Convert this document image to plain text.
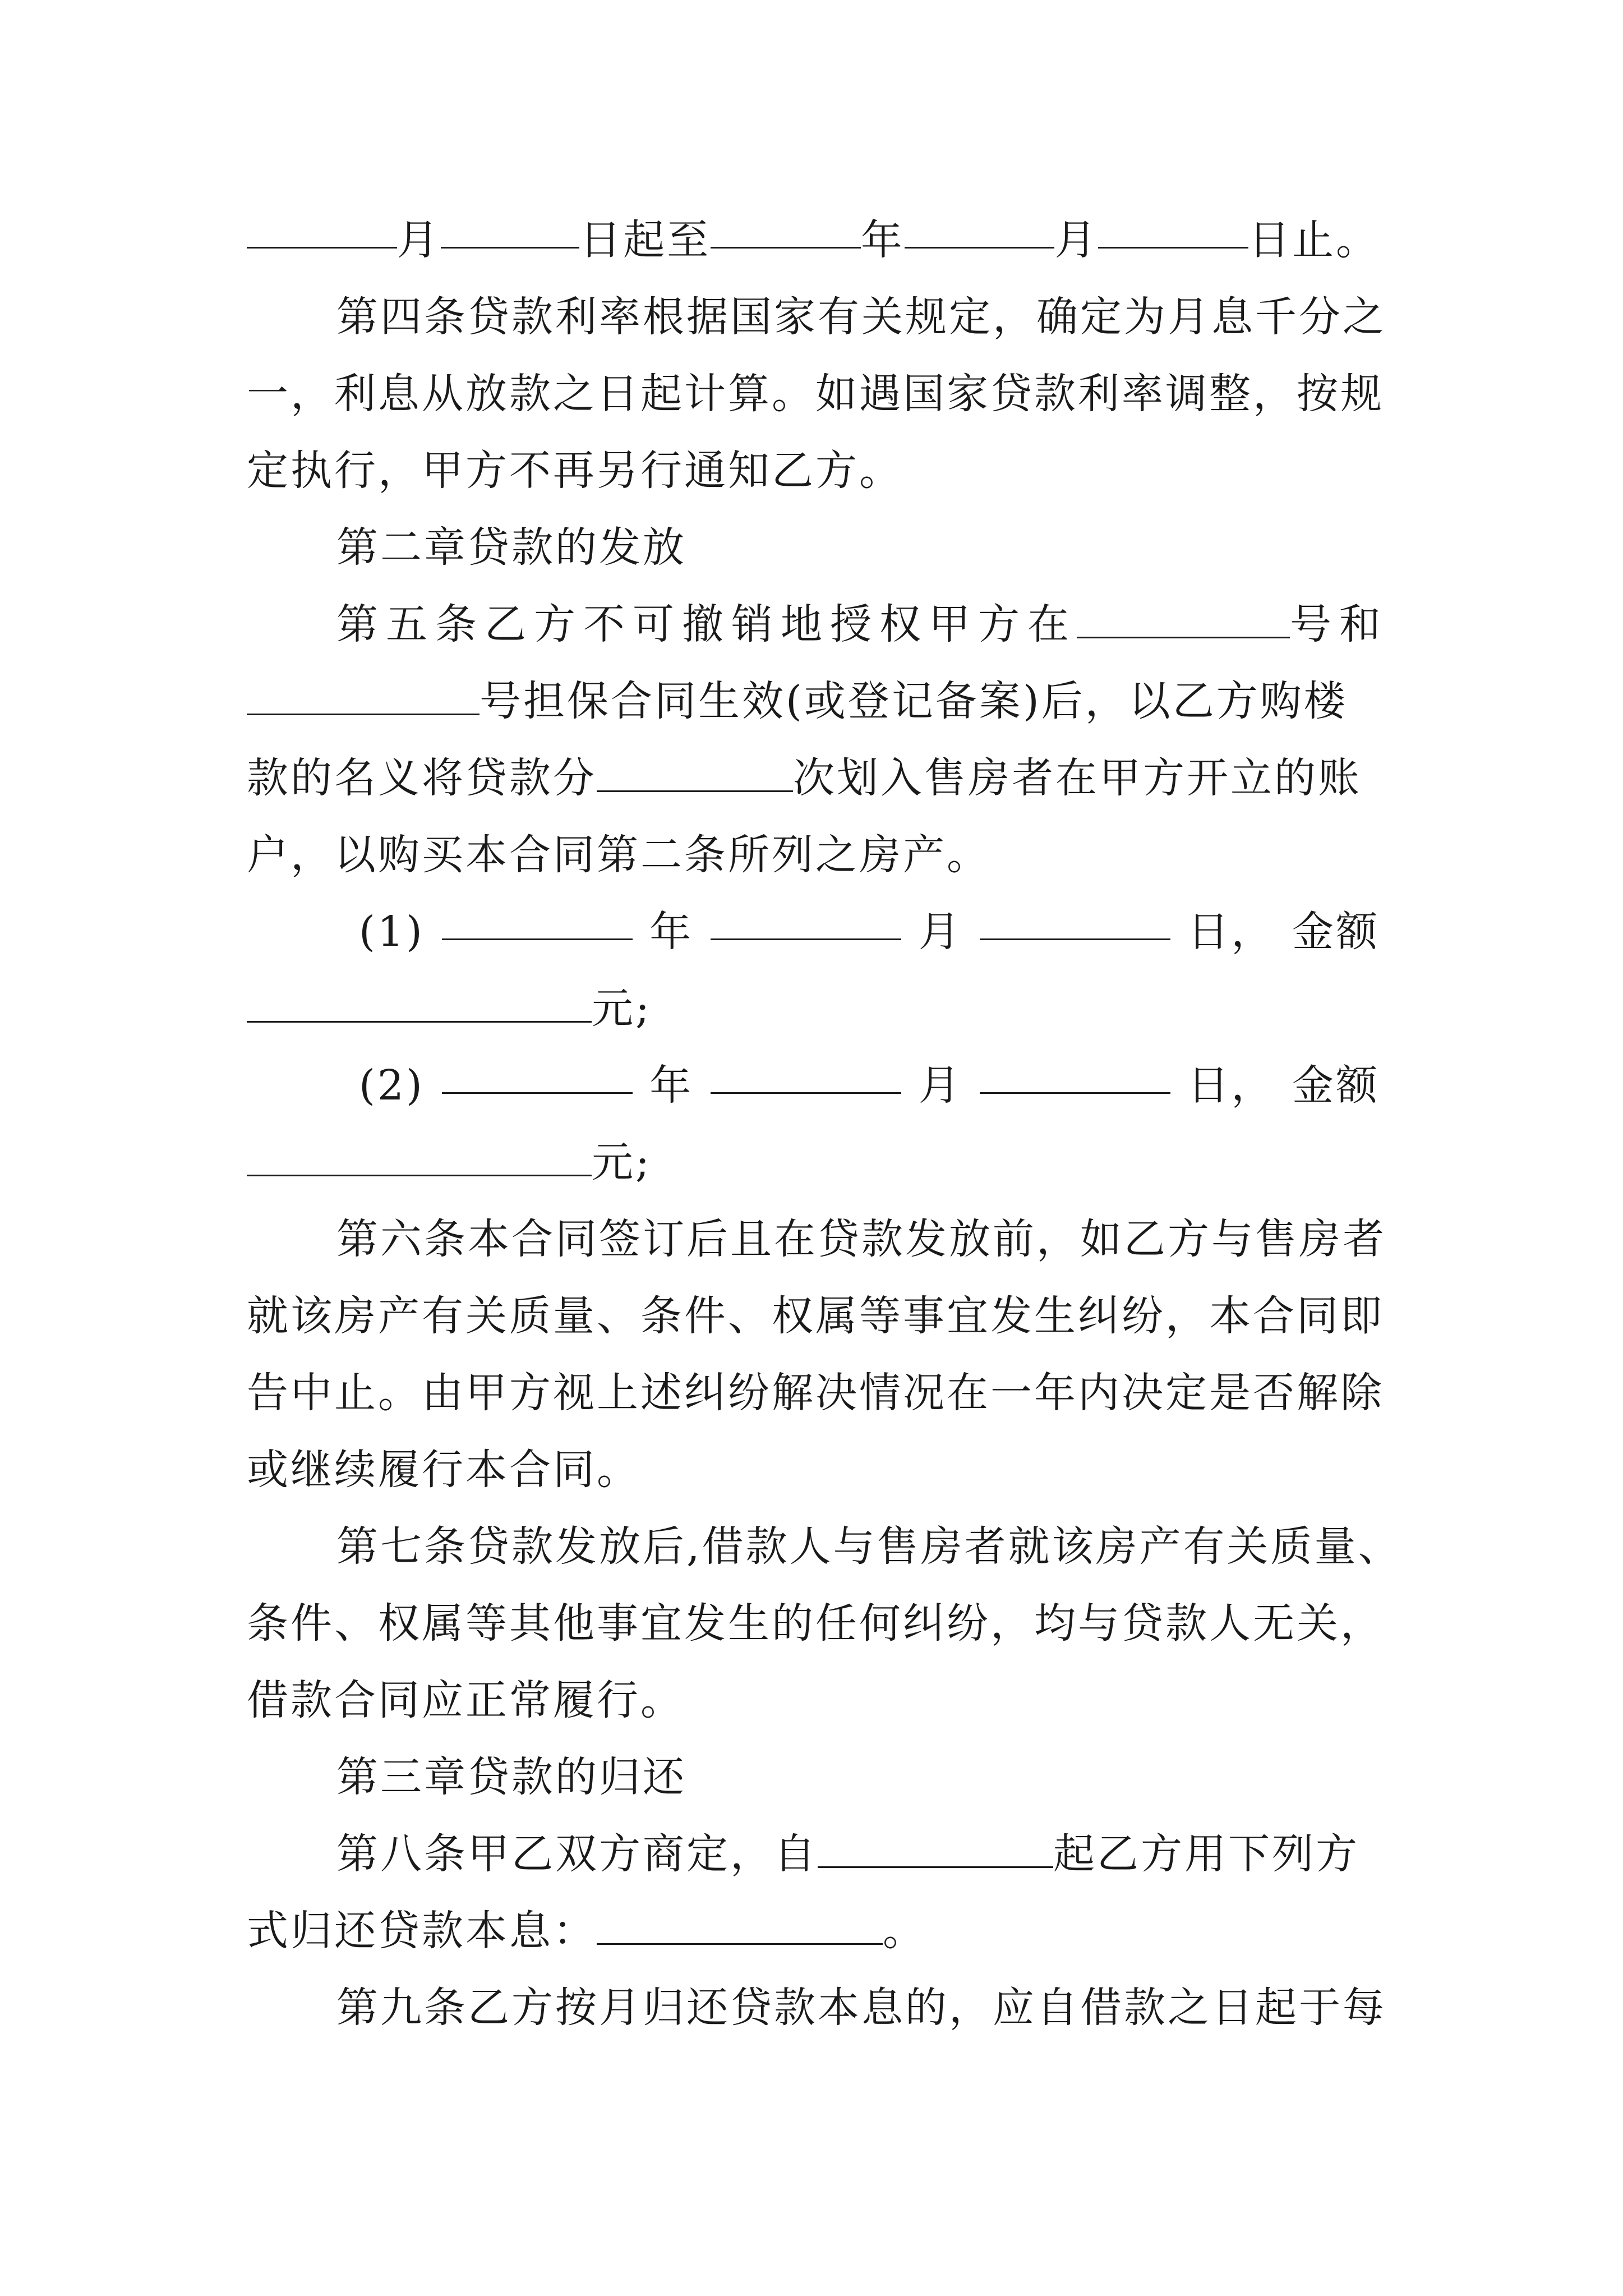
月	日起至	年	月	日止。
第四条贷款利率根据国家有关规定，确定为月息千分之
一，利息从放款之日起计算。如遇国家贷款利率调整，按规
定执行，甲方不再另行通知乙方。
第二章贷款的发放
第五条乙方不可撤销地授权甲方在	号和
号担保合同生效(或登记备案)后，以乙方购楼
款的名义将贷款分	次划入售房者在甲方开立的账
户，以购买本合同第二条所列之房产。
(1)	年	月	日， 金额
元;
(2)	年	月	日， 金额
元;
第六条本合同签订后且在贷款发放前，如乙方与售房者
就该房产有关质量、条件、权属等事宜发生纠纷，本合同即
告中止。由甲方视上述纠纷解决情况在一年内决定是否解除
或继续履行本合同。
第七条贷款发放后,借款人与售房者就该房产有关质量、
条件、权属等其他事宜发生的任何纠纷，均与贷款人无关，
借款合同应正常履行。
第三章贷款的归还
第八条甲乙双方商定，自	起乙方用下列方
式归还贷款本息：	。
第九条乙方按月归还贷款本息的，应自借款之日起于每
